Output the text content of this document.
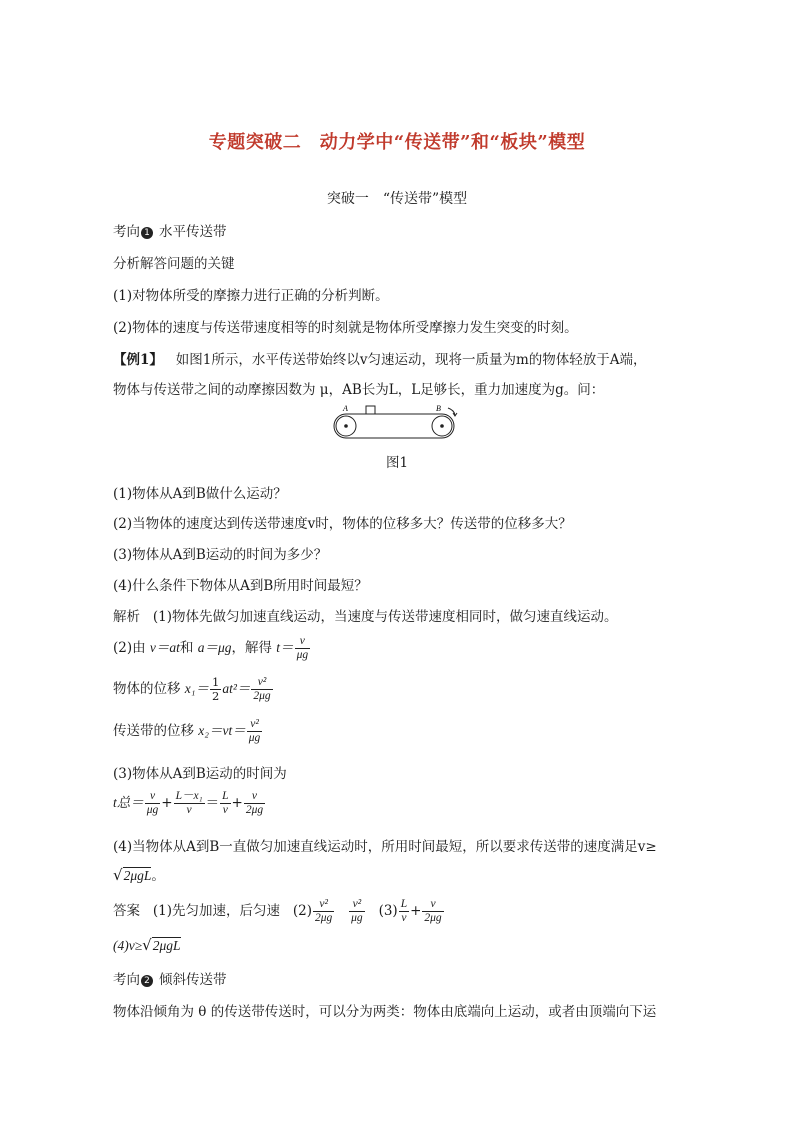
专题突破二　动力学中“传送带”和“板块”模型
突破一　“传送带”模型
考向 1 水平传送带
分析解答问题的关键
(1)对物体所受的摩擦力进行正确的分析判断。
(2)物体的速度与传送带速度相等的时刻就是物体所受摩擦力发生突变的时刻。
【例1】 如图1所示，水平传送带始终以v匀速运动，现将一质量为m的物体轻放于A端，
物体与传送带之间的动摩擦因数为 μ，AB长为L，L足够长，重力加速度为g。问：
A	B
图1
(1)物体从A到B做什么运动？
(2)当物体的速度达到传送带速度v时，物体的位移多大？传送带的位移多大？
(3)物体从A到B运动的时间为多少？
(4)什么条件下物体从A到B所用时间最短？
解析 (1)物体先做匀加速直线运动，当速度与传送带速度相同时，做匀速直线运动。
(2)由 v＝at和 a＝μg，解得 $t= \frac{v}{\mu g}$
物体的位移 $x_1= \frac{1}{2} at^2= \frac{\text{v²}}{2\mu g}$
传送带的位移 $x_2=vt= \frac{\text{v²}}{\mu g}$
(3)物体从A到B运动的时间为
t总＝ $\frac{v}{\mu g} + \frac{\text{L－x₁}}{v} = \frac{L}{v} + \frac{v}{2\mu g}$
(4)当物体从A到B一直做匀加速直线运动时，所用时间最短，所以要求传送带的速度满足v≥
√2μgL。
答案 (1)先匀加速，后匀速 $(2) \frac{\text{v²}}{2\mu g}$
$\frac{\text{v²}}{\mu g} (3) \frac{L}{v} + \frac{v}{2\mu g}$
(4)v≥√2μgL
考向 2 倾斜传送带
物体沿倾角为 θ 的传送带传送时，可以分为两类：物体由底端向上运动，或者由顶端向下运
